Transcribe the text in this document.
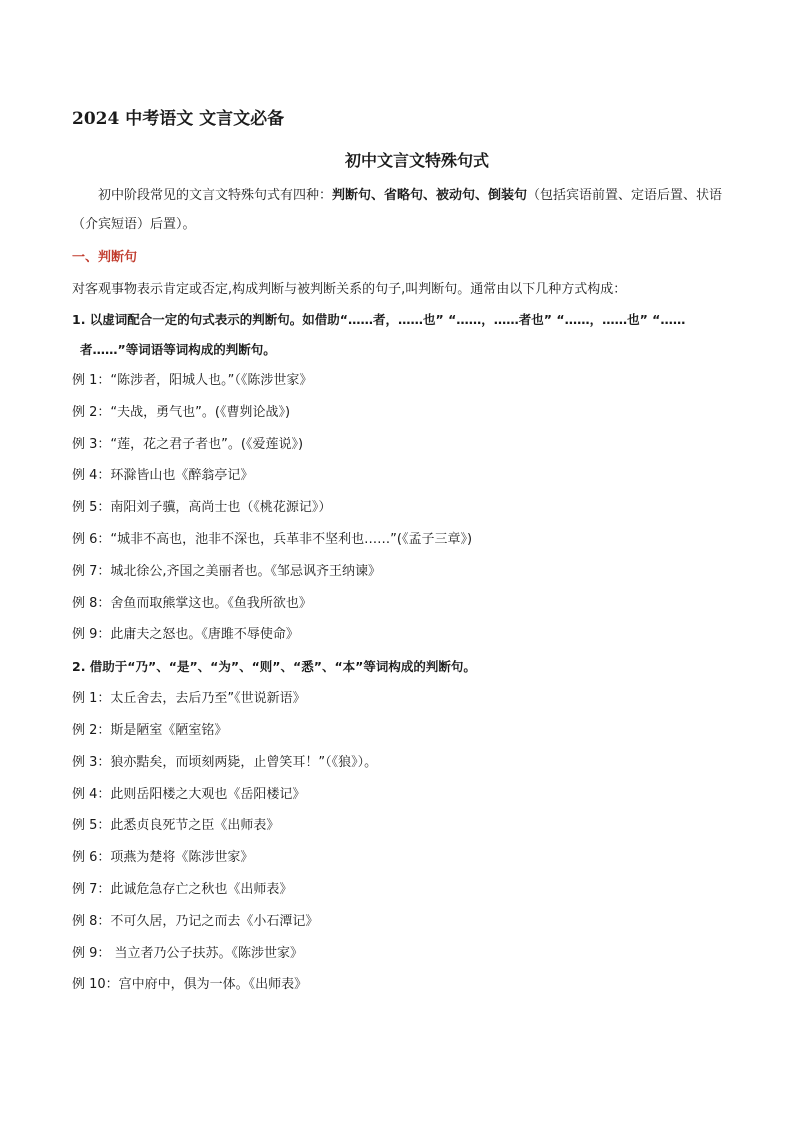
2024 中考语文 文言文必备
初中文言文特殊句式

初中阶段常见的文言文特殊句式有四种：判断句、省略句、被动句、倒装句（包括宾语前置、定语后置、状语（介宾短语）后置）。

一、判断句

对客观事物表示肯定或否定,构成判断与被判断关系的句子,叫判断句。通常由以下几种方式构成：

1. 以虚词配合一定的句式表示的判断句。如借助“……者，……也” “……，……者也” “……，……也” “……者……”等词语等词构成的判断句。

例 1：“陈涉者，阳城人也。”（《陈涉世家》

例 2：“夫战，勇气也”。(《曹刿论战》)

例 3：“莲，花之君子者也”。(《爱莲说》)

例 4：环滁皆山也《醉翁亭记》

例 5：南阳刘子骥，高尚士也（《桃花源记》）

例 6：“城非不高也，池非不深也，兵革非不坚利也……”(《孟子三章》)

例 7：城北徐公,齐国之美丽者也。《邹忌讽齐王纳谏》

例 8：舍鱼而取熊掌这也。《鱼我所欲也》

例 9：此庸夫之怒也。《唐雎不辱使命》

2. 借助于“乃”、“是”、“为”、“则”、“悉”、“本”等词构成的判断句。

例 1：太丘舍去，去后乃至”《世说新语》

例 2：斯是陋室《陋室铭》

例 3：狼亦黠矣，而顷刻两毙，止曾笑耳！”（《狼》）。

例 4：此则岳阳楼之大观也《岳阳楼记》

例 5：此悉贞良死节之臣《出师表》

例 6：项燕为楚将《陈涉世家》

例 7：此诚危急存亡之秋也《出师表》

例 8：不可久居，乃记之而去《小石潭记》

例 9： 当立者乃公子扶苏。《陈涉世家》

例 10：宫中府中，俱为一体。《出师表》
